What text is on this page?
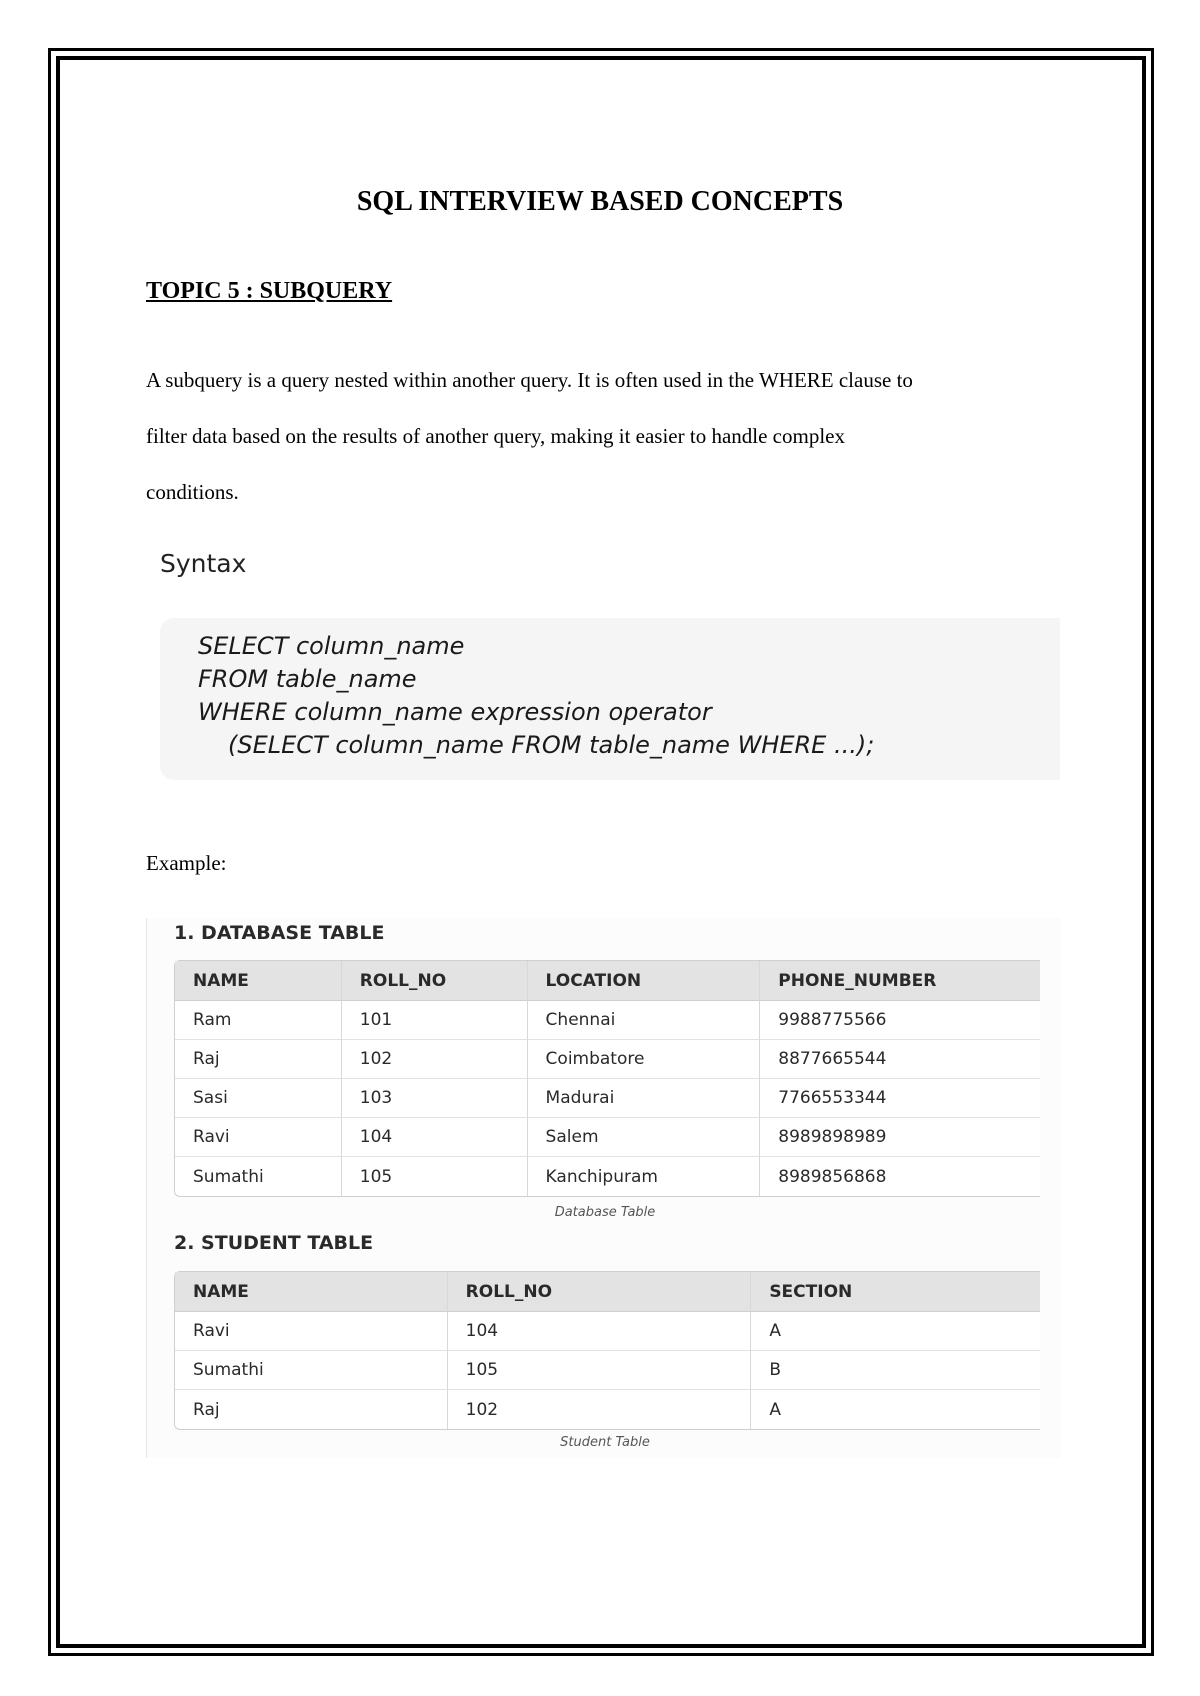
SQL INTERVIEW BASED CONCEPTS
TOPIC 5 : SUBQUERY

A subquery is a query nested within another query. It is often used in the WHERE clause to
filter data based on the results of another query, making it easier to handle complex
conditions.

Syntax
SELECT column_name
FROM table_name
WHERE column_name expression operator
(SELECT column_name FROM table_name WHERE ...);

Example:

1. DATABASE TABLE
NAME	ROLL_NO	LOCATION	PHONE_NUMBER
Ram	101	Chennai	9988775566
Raj	102	Coimbatore	8877665544
Sasi	103	Madurai	7766553344
Ravi	104	Salem	8989898989
Sumathi	105	Kanchipuram	8989856868

Database Table

2. STUDENT TABLE
NAME	ROLL_NO	SECTION
Ravi	104	A
Sumathi	105	B
Raj	102	A

Student Table
